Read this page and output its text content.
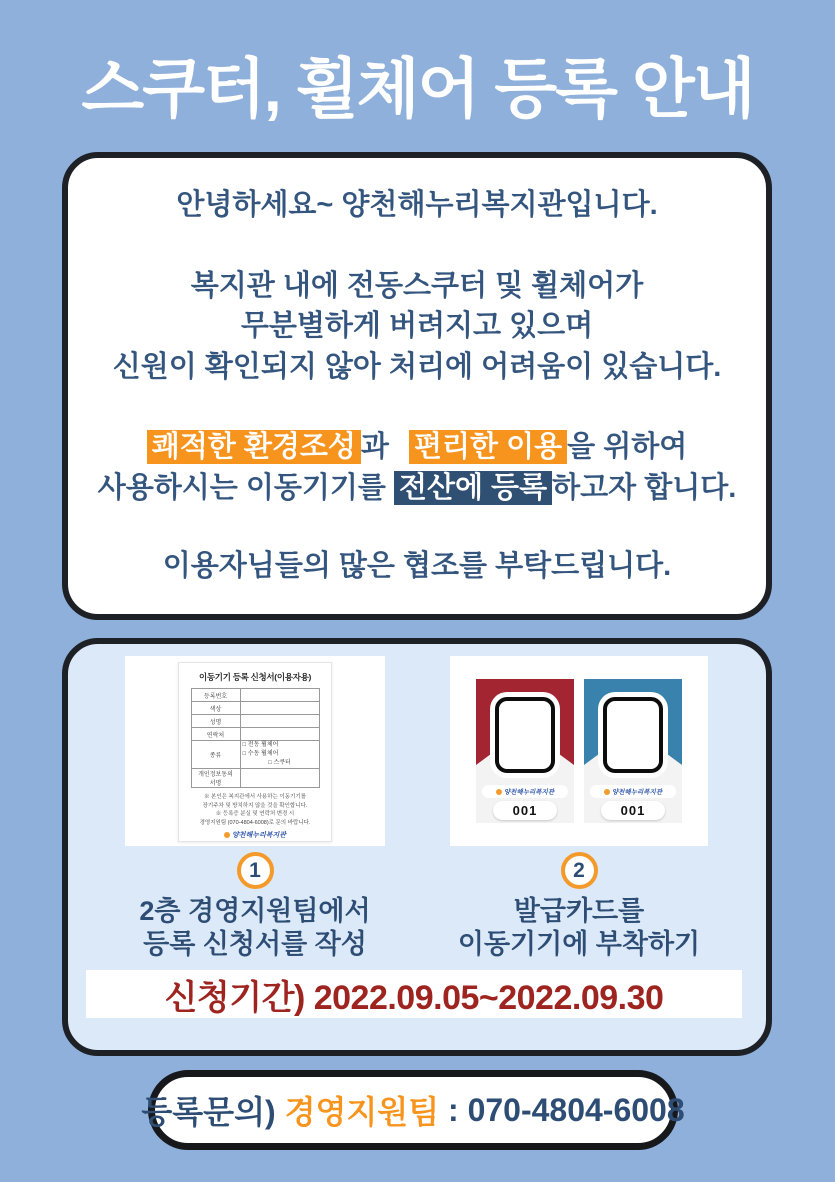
스쿠터, 휠체어 등록 안내
안녕하세요~ 양천해누리복지관입니다.
복지관 내에 전동스쿠터 및 휠체어가
무분별하게 버려지고 있으며
신원이 확인되지 않아 처리에 어려움이 있습니다.
쾌적한 환경조성 과 편리한 이용 을 위하여
사용하시는 이동기기를 전산에 등록 하고자 합니다.
이용자님들의 많은 협조를 부탁드립니다.
이동기기 등록 신청서(이용자용)
등록번호	
색상	
성명	
연락처	
종류	□ 전동 휠체어
□ 수동 휠체어
□ 스쿠터

개인정보동의
서명	

※ 본인은 복지관에서 사용하는 이동기기를
장기주차 및 방치하지 않을 것을 확인합니다.
※ 등록증 분실 및 연락처 변경 시
경영지원팀 (070-4804-6008)로 문의 바랍니다.
양천해누리복지관
양천해누리복지관
001
양천해누리복지관
001
1
2층 경영지원팀에서
등록 신청서를 작성
2
발급카드를
이동기기에 부착하기
신청기간) 2022.09.05~2022.09.30
등록문의) 경영지원팀 : 070-4804-6008
